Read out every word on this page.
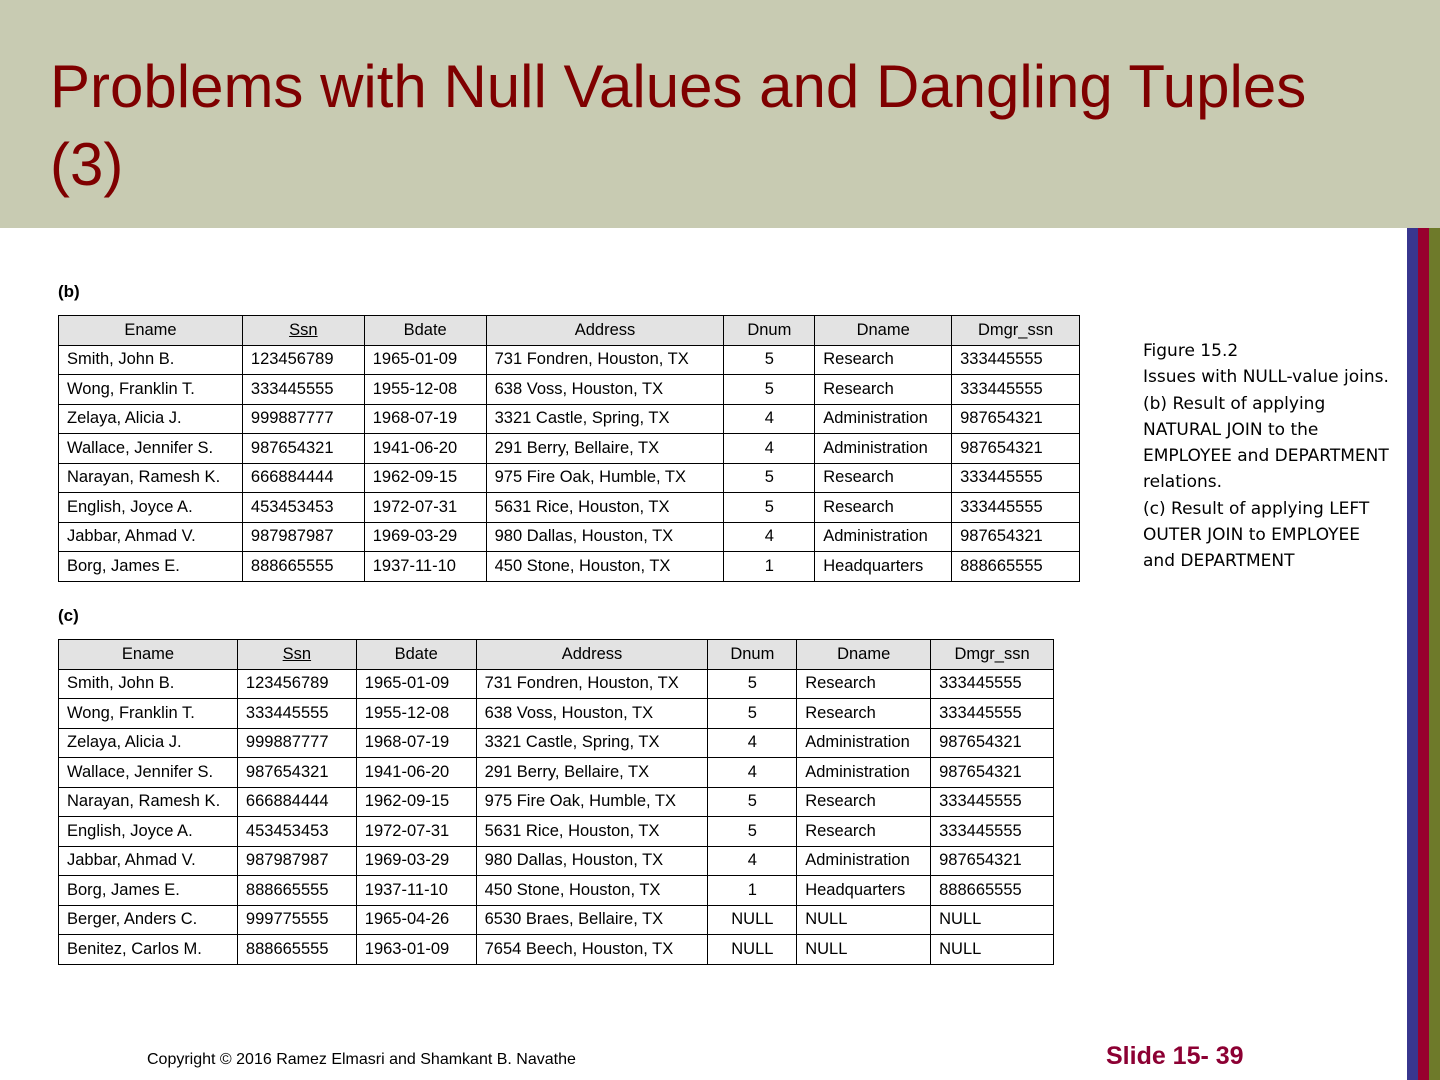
Problems with Null Values and Dangling Tuples (3)
(b)
Ename	Ssn	Bdate	Address	Dnum	Dname	Dmgr_ssn
Smith, John B.	123456789	1965-01-09	731 Fondren, Houston, TX	5	Research	333445555
Wong, Franklin T.	333445555	1955-12-08	638 Voss, Houston, TX	5	Research	333445555
Zelaya, Alicia J.	999887777	1968-07-19	3321 Castle, Spring, TX	4	Administration	987654321
Wallace, Jennifer S.	987654321	1941-06-20	291 Berry, Bellaire, TX	4	Administration	987654321
Narayan, Ramesh K.	666884444	1962-09-15	975 Fire Oak, Humble, TX	5	Research	333445555
English, Joyce A.	453453453	1972-07-31	5631 Rice, Houston, TX	5	Research	333445555
Jabbar, Ahmad V.	987987987	1969-03-29	980 Dallas, Houston, TX	4	Administration	987654321
Borg, James E.	888665555	1937-11-10	450 Stone, Houston, TX	1	Headquarters	888665555
(c)
Ename	Ssn	Bdate	Address	Dnum	Dname	Dmgr_ssn
Smith, John B.	123456789	1965-01-09	731 Fondren, Houston, TX	5	Research	333445555
Wong, Franklin T.	333445555	1955-12-08	638 Voss, Houston, TX	5	Research	333445555
Zelaya, Alicia J.	999887777	1968-07-19	3321 Castle, Spring, TX	4	Administration	987654321
Wallace, Jennifer S.	987654321	1941-06-20	291 Berry, Bellaire, TX	4	Administration	987654321
Narayan, Ramesh K.	666884444	1962-09-15	975 Fire Oak, Humble, TX	5	Research	333445555
English, Joyce A.	453453453	1972-07-31	5631 Rice, Houston, TX	5	Research	333445555
Jabbar, Ahmad V.	987987987	1969-03-29	980 Dallas, Houston, TX	4	Administration	987654321
Borg, James E.	888665555	1937-11-10	450 Stone, Houston, TX	1	Headquarters	888665555
Berger, Anders C.	999775555	1965-04-26	6530 Braes, Bellaire, TX	NULL	NULL	NULL
Benitez, Carlos M.	888665555	1963-01-09	7654 Beech, Houston, TX	NULL	NULL	NULL
Figure 15.2
Issues with NULL-value joins.
(b) Result of applying NATURAL JOIN to the EMPLOYEE and DEPARTMENT relations.
(c) Result of applying LEFT OUTER JOIN to EMPLOYEE and DEPARTMENT
Copyright © 2016 Ramez Elmasri and Shamkant B. Navathe	Slide 15- 39
